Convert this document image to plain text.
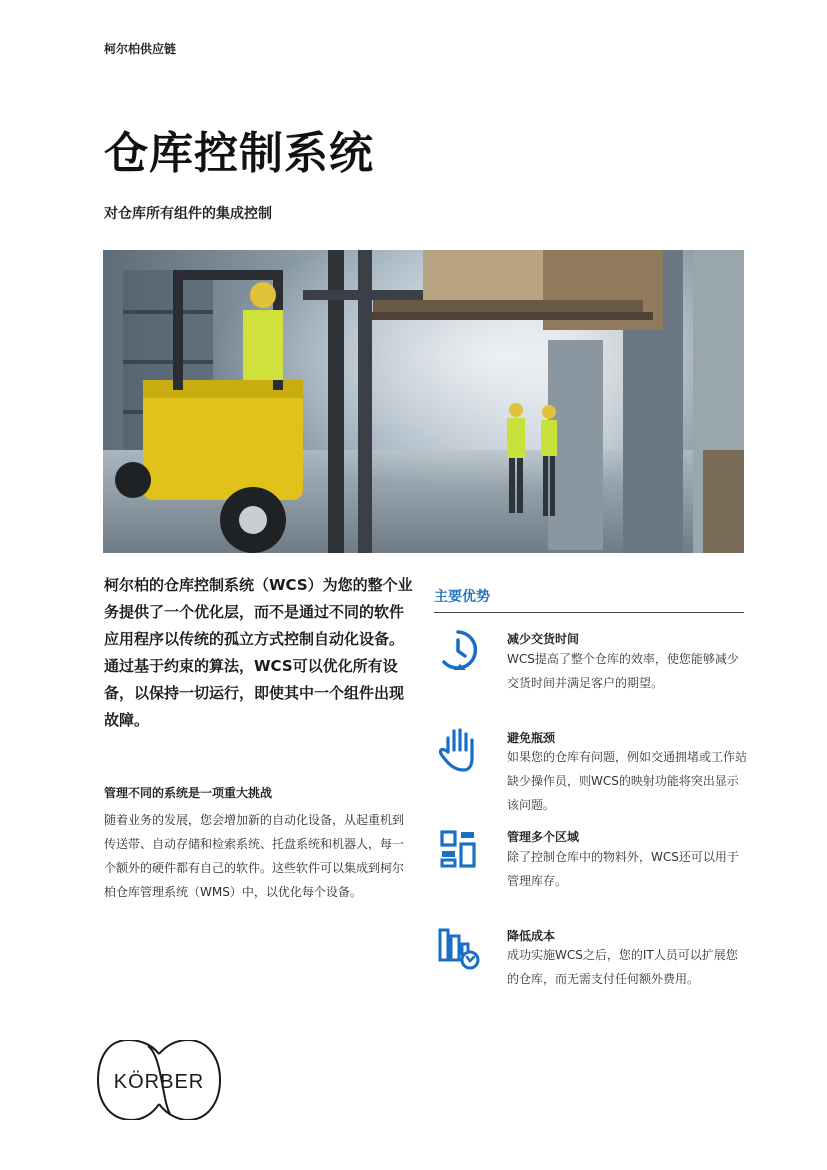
柯尔柏供应链
仓库控制系统
对仓库所有组件的集成控制

柯尔柏的仓库控制系统（WCS）为您的整个业务提供了一个优化层，而不是通过不同的软件应用程序以传统的孤立方式控制自动化设备。通过基于约束的算法，WCS可以优化所有设备，以保持一切运行，即使其中一个组件出现故障。

管理不同的系统是一项重大挑战

随着业务的发展，您会增加新的自动化设备，从起重机到传送带、自动存储和检索系统、托盘系统和机器人，每一个额外的硬件都有自己的软件。这些软件可以集成到柯尔柏仓库管理系统（WMS）中，以优化每个设备。

主要优势
减少交货时间

WCS提高了整个仓库的效率，使您能够减少交货时间并满足客户的期望。

避免瓶颈

如果您的仓库有问题，例如交通拥堵或工作站缺少操作员，则WCS的映射功能将突出显示该问题。

管理多个区域

除了控制仓库中的物料外，WCS还可以用于管理库存。

降低成本

成功实施WCS之后，您的IT人员可以扩展您的仓库，而无需支付任何额外费用。

KÖRBER
